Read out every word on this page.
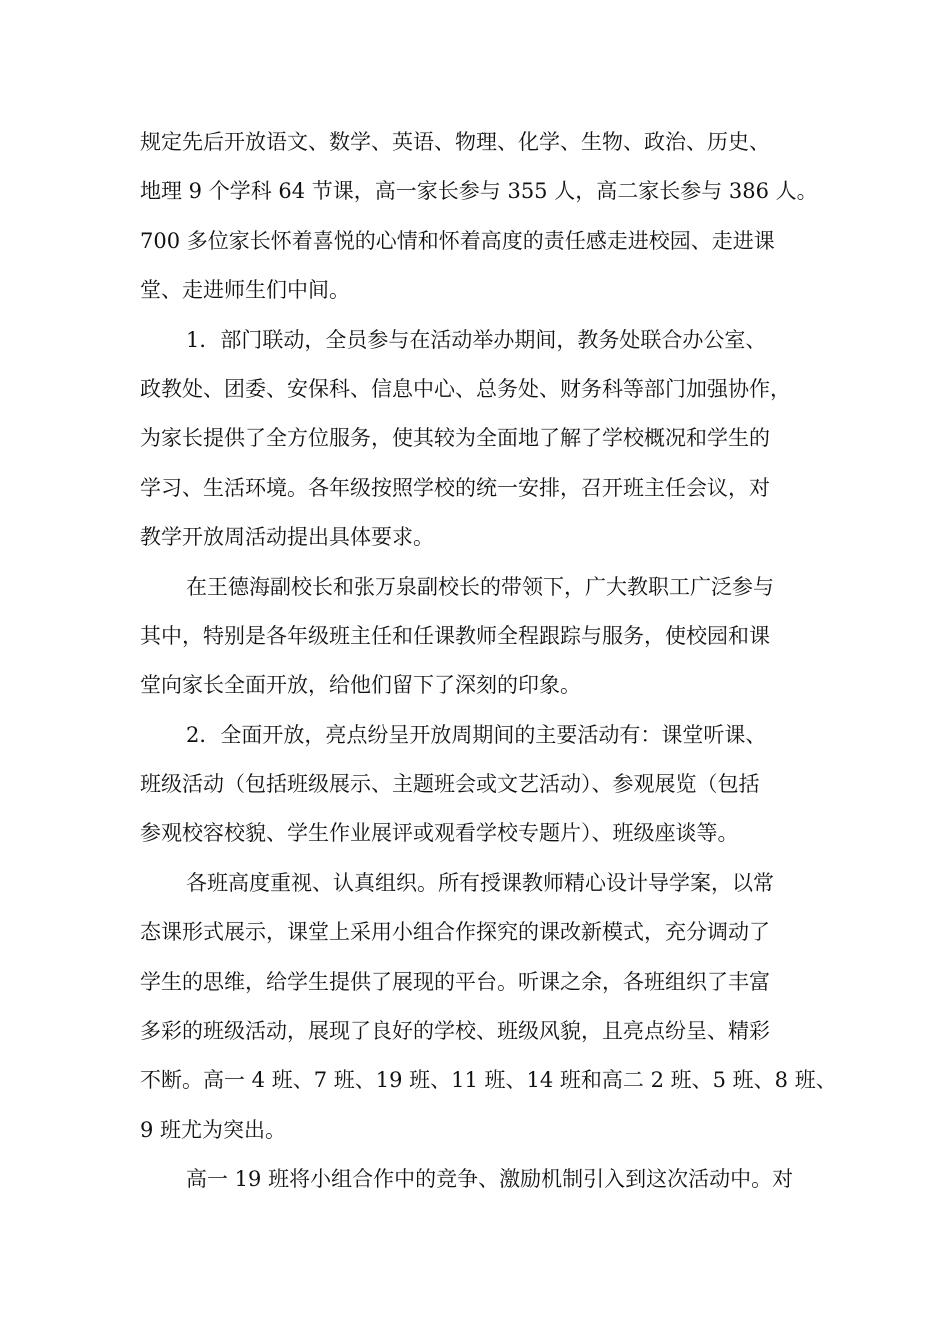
规定先后开放语文、数学、英语、物理、化学、生物、政治、历史、
地理 9 个学科 64 节课，高一家长参与 355 人，高二家长参与 386 人。
700 多位家长怀着喜悦的心情和怀着高度的责任感走进校园、走进课
堂、走进师生们中间。
1．部门联动，全员参与在活动举办期间，教务处联合办公室、
政教处、团委、安保科、信息中心、总务处、财务科等部门加强协作，
为家长提供了全方位服务，使其较为全面地了解了学校概况和学生的
学习、生活环境。各年级按照学校的统一安排，召开班主任会议，对
教学开放周活动提出具体要求。
在王德海副校长和张万泉副校长的带领下，广大教职工广泛参与
其中，特别是各年级班主任和任课教师全程跟踪与服务，使校园和课
堂向家长全面开放，给他们留下了深刻的印象。
2．全面开放，亮点纷呈开放周期间的主要活动有：课堂听课、
班级活动（包括班级展示、主题班会或文艺活动）、参观展览（包括
参观校容校貌、学生作业展评或观看学校专题片）、班级座谈等。
各班高度重视、认真组织。所有授课教师精心设计导学案，以常
态课形式展示，课堂上采用小组合作探究的课改新模式，充分调动了
学生的思维，给学生提供了展现的平台。听课之余，各班组织了丰富
多彩的班级活动，展现了良好的学校、班级风貌，且亮点纷呈、精彩
不断。高一 4 班、7 班、19 班、11 班、14 班和高二 2 班、5 班、8 班、
9 班尤为突出。
高一 19 班将小组合作中的竞争、激励机制引入到这次活动中。对
